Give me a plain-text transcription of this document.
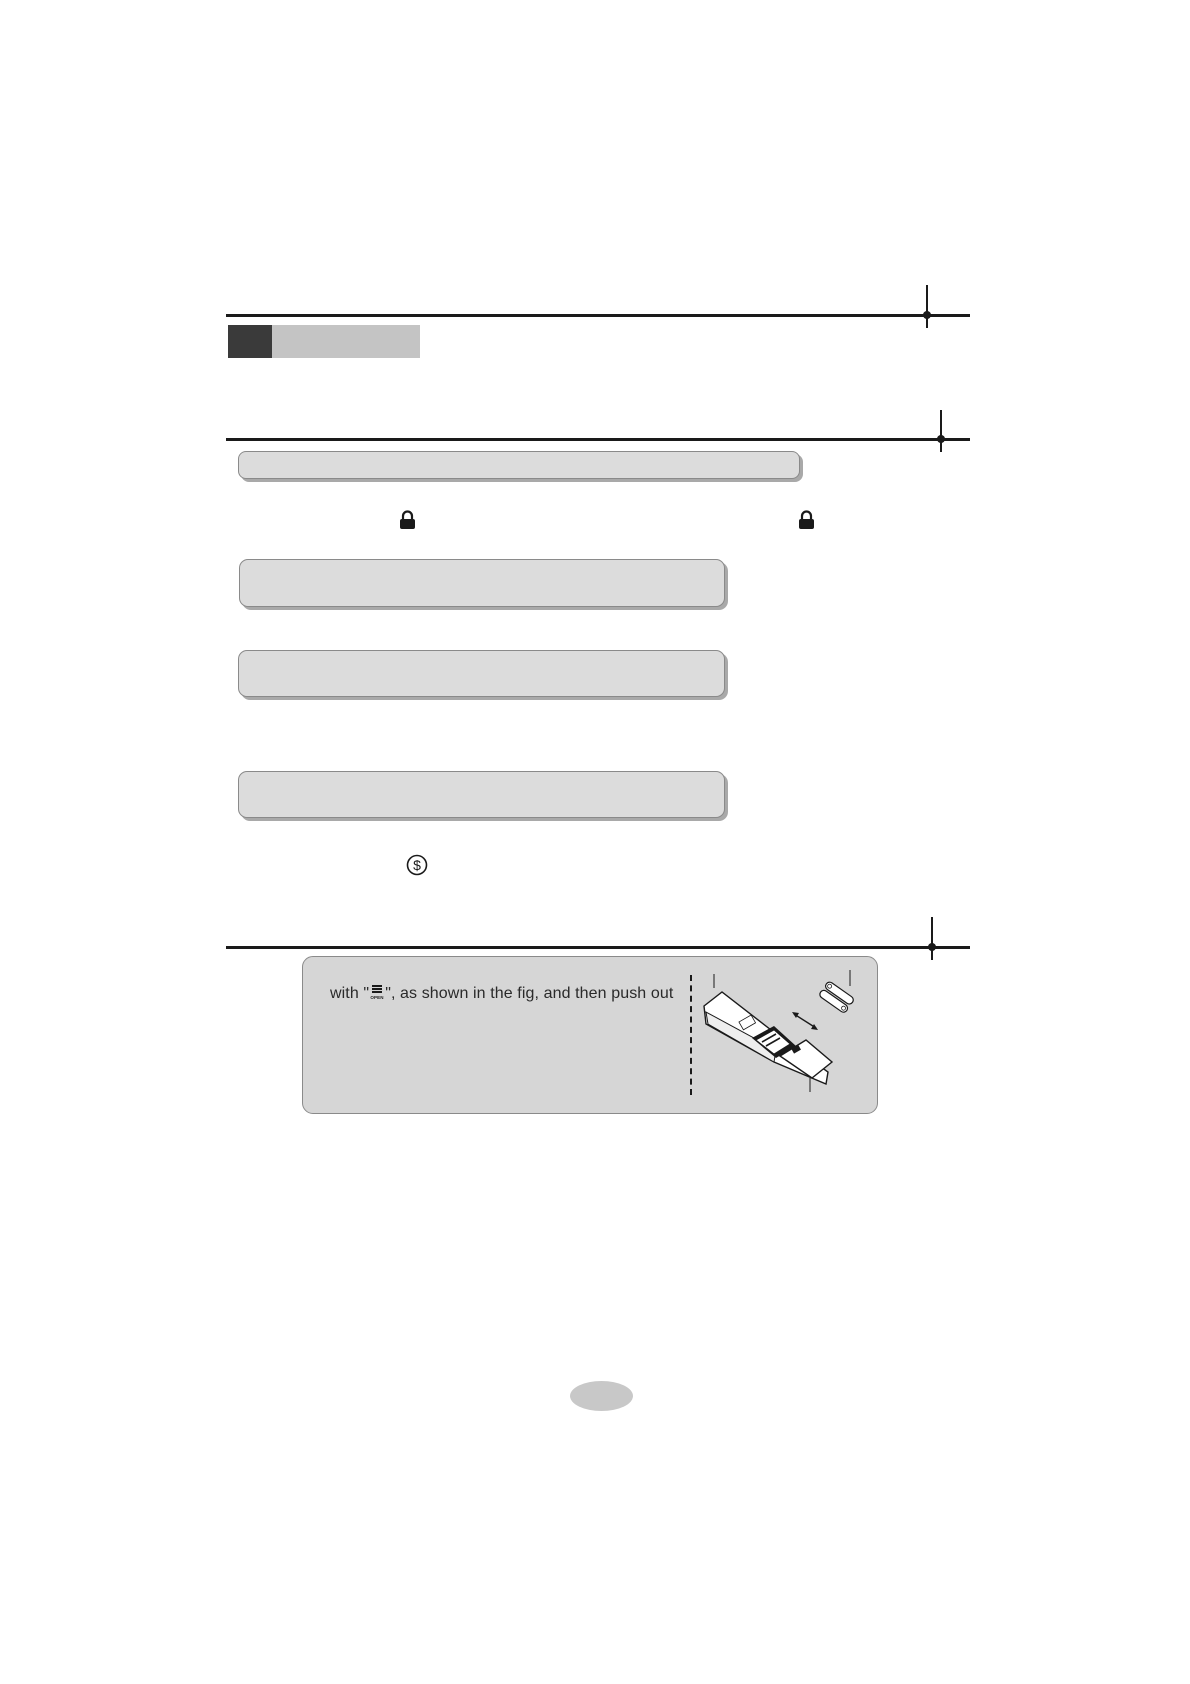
$
with " OPEN ", as shown in the fig, and then push out
